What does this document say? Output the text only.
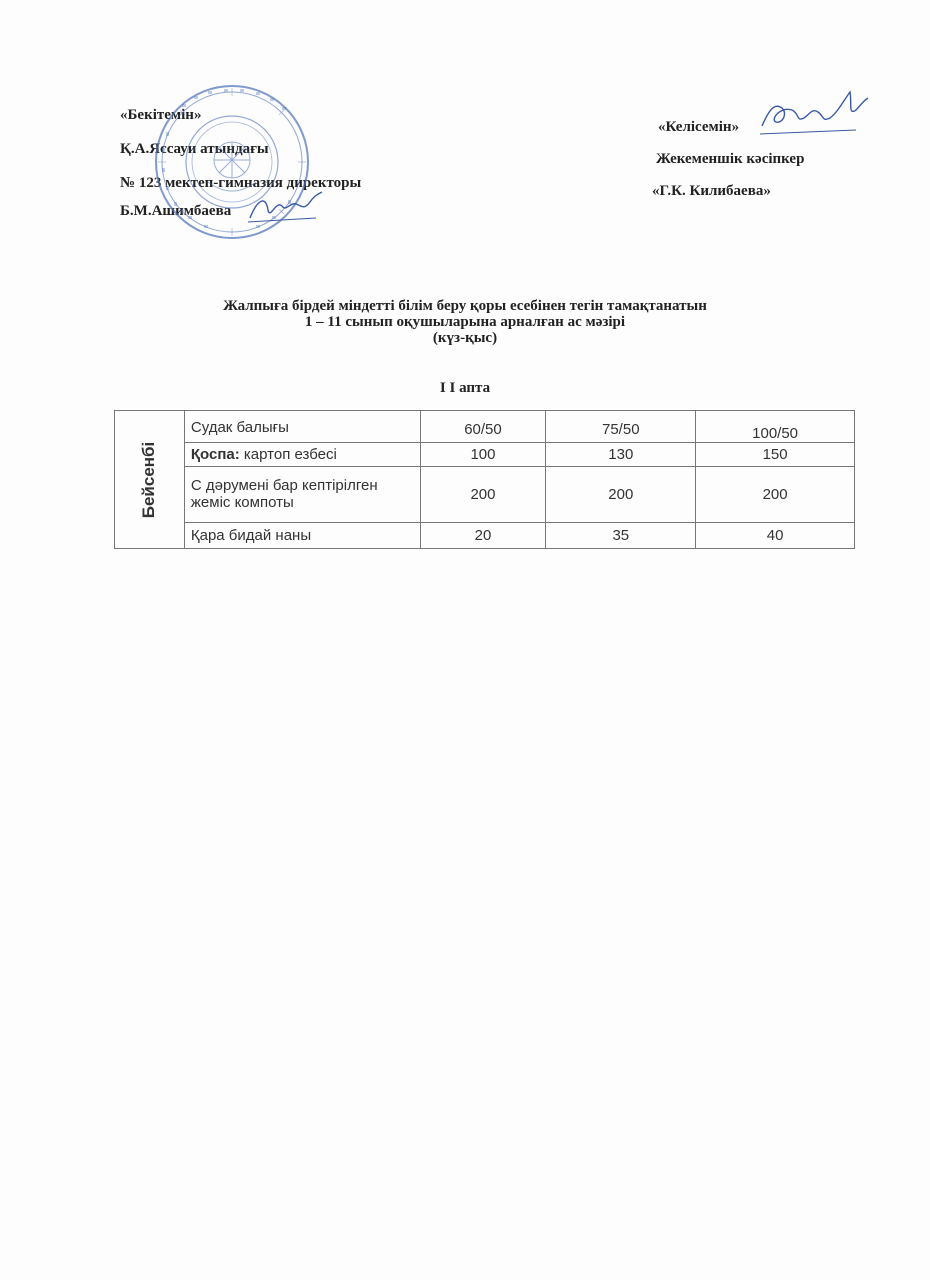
«Бекітемін»
Қ.А.Яссауи атындағы
№ 123 мектеп-гимназия директоры
Б.М.Ашимбаева
«Келісемін»
Жекеменшік кәсіпкер
«Г.К. Килибаева»
Жалпыға бірдей міндетті білім беру қоры есебінен тегін тамақтанатын
1 – 11 сынып оқушыларына арналған ас мәзірі
(күз-қыс)
І І апта
Бейсенбі	Судак балығы	60/50	75/50	100/50
	Қоспа: картоп езбесі	100	130	150
	С дәрумені бар кептірілген жеміс компоты	200	200	200
	Қара бидай наны	20	35	40
